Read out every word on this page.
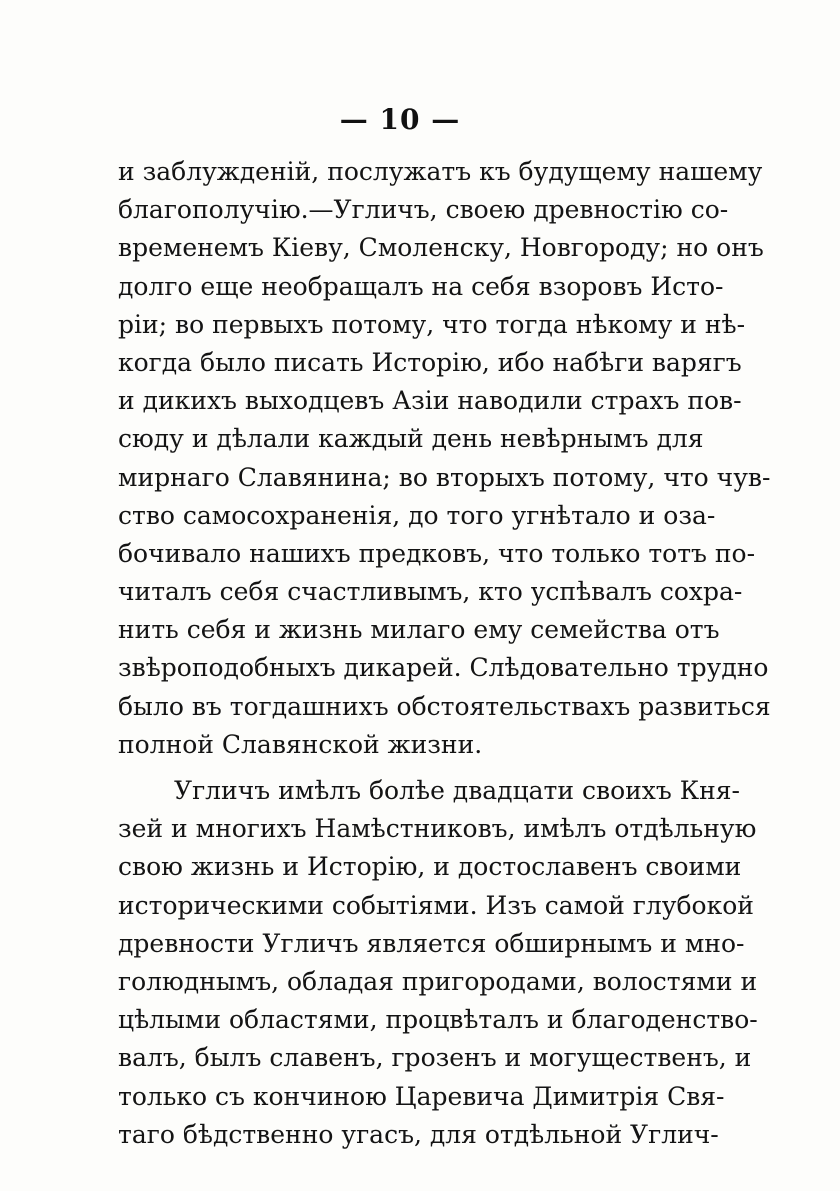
— 10 —
и заблужденій, послужатъ къ будущему нашему
благополучію.—Угличъ, своею древностію со-
временемъ Кіеву, Смоленску, Новгороду; но онъ
долго еще необращалъ на себя взоровъ Исто-
ріи; во первыхъ потому, что тогда нѣкому и нѣ-
когда было писать Исторію, ибо набѣги варягъ
и дикихъ выходцевъ Азіи наводили страхъ пов-
сюду и дѣлали каждый день невѣрнымъ для
мирнаго Славянина; во вторыхъ потому, что чув-
ство самосохраненія, до того угнѣтало и оза-
бочивало нашихъ предковъ, что только тотъ по-
читалъ себя счастливымъ, кто успѣвалъ сохра-
нить себя и жизнь милаго ему семейства отъ
звѣроподобныхъ дикарей. Слѣдовательно трудно
было въ тогдашнихъ обстоятельствахъ развиться
полной Славянской жизни.
Угличъ имѣлъ болѣе двадцати своихъ Кня-
зей и многихъ Намѣстниковъ, имѣлъ отдѣльную
свою жизнь и Исторію, и достославенъ своими
историческими событіями. Изъ самой глубокой
древности Угличъ является обширнымъ и мно-
голюднымъ, обладая пригородами, волостями и
цѣлыми областями, процвѣталъ и благоденство-
валъ, былъ славенъ, грозенъ и могущественъ, и
только съ кончиною Царевича Димитрія Свя-
таго бѣдственно угасъ, для отдѣльной Углич-
